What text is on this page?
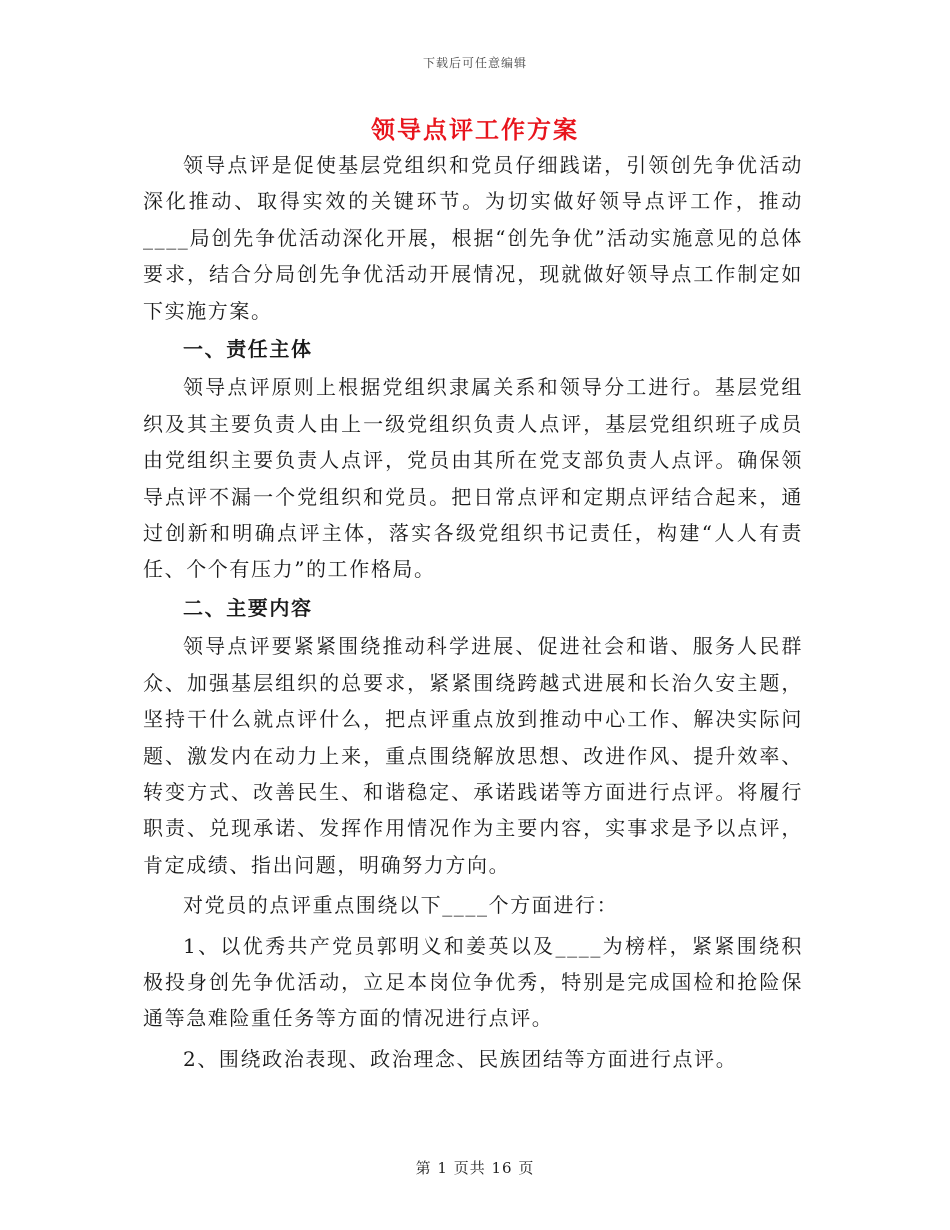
下载后可任意编辑
领导点评工作方案

领导点评是促使基层党组织和党员仔细践诺，引领创先争优活动深化推动、取得实效的关键环节。为切实做好领导点评工作，推动____局创先争优活动深化开展，根据“创先争优”活动实施意见的总体要求，结合分局创先争优活动开展情况，现就做好领导点工作制定如下实施方案。

一、责任主体

领导点评原则上根据党组织隶属关系和领导分工进行。基层党组织及其主要负责人由上一级党组织负责人点评，基层党组织班子成员由党组织主要负责人点评，党员由其所在党支部负责人点评。确保领导点评不漏一个党组织和党员。把日常点评和定期点评结合起来，通过创新和明确点评主体，落实各级党组织书记责任，构建“人人有责任、个个有压力”的工作格局。

二、主要内容

领导点评要紧紧围绕推动科学进展、促进社会和谐、服务人民群众、加强基层组织的总要求，紧紧围绕跨越式进展和长治久安主题，坚持干什么就点评什么，把点评重点放到推动中心工作、解决实际问题、激发内在动力上来，重点围绕解放思想、改进作风、提升效率、转变方式、改善民生、和谐稳定、承诺践诺等方面进行点评。将履行职责、兑现承诺、发挥作用情况作为主要内容，实事求是予以点评，肯定成绩、指出问题，明确努力方向。

对党员的点评重点围绕以下____个方面进行：

1、以优秀共产党员郭明义和姜英以及____为榜样，紧紧围绕积极投身创先争优活动，立足本岗位争优秀，特别是完成国检和抢险保通等急难险重任务等方面的情况进行点评。

2、围绕政治表现、政治理念、民族团结等方面进行点评。

第 1 页共 16 页
